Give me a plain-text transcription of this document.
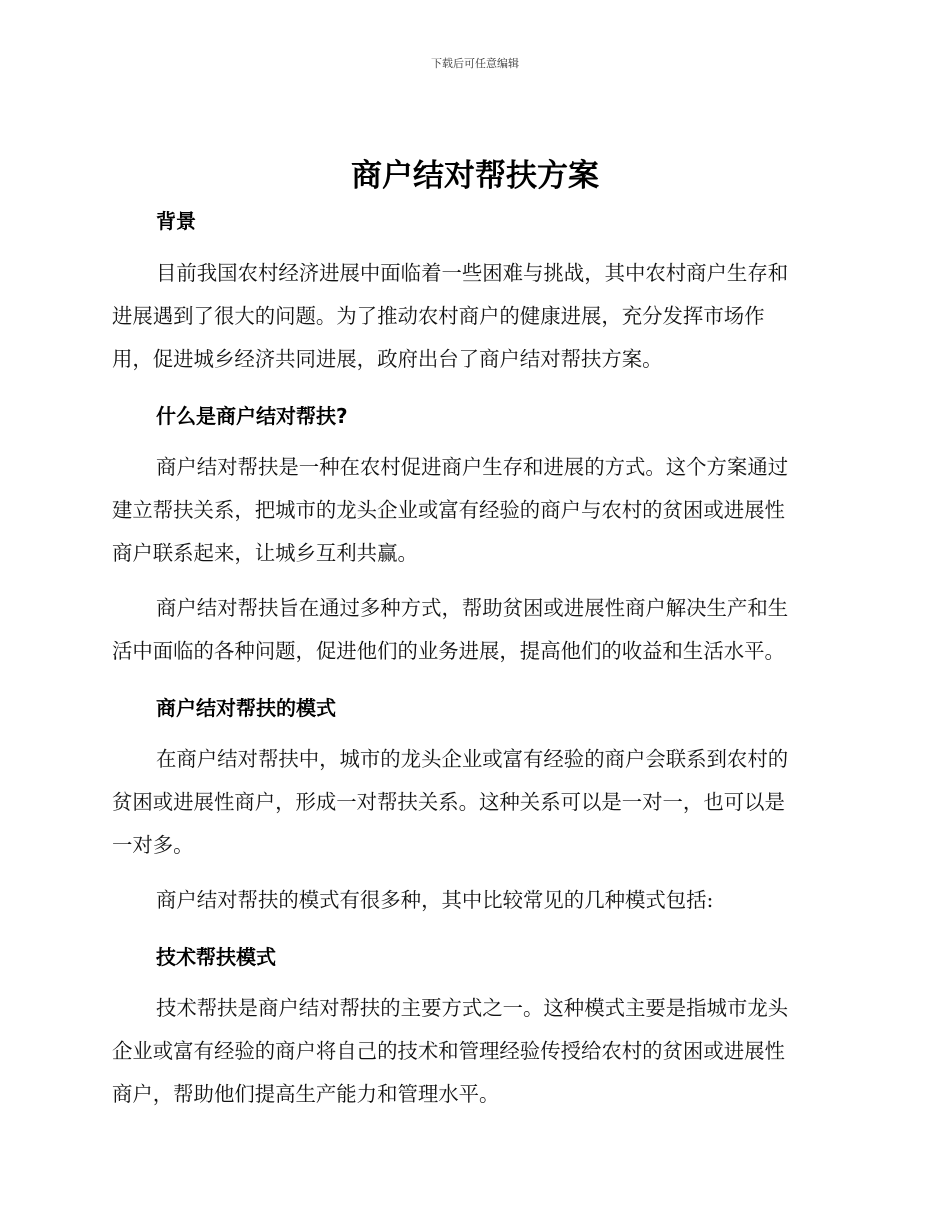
下载后可任意编辑
商户结对帮扶方案
背景

目前我国农村经济进展中面临着一些困难与挑战，其中农村商户生存和
进展遇到了很大的问题。为了推动农村商户的健康进展，充分发挥市场作
用，促进城乡经济共同进展，政府出台了商户结对帮扶方案。

什么是商户结对帮扶?

商户结对帮扶是一种在农村促进商户生存和进展的方式。这个方案通过
建立帮扶关系，把城市的龙头企业或富有经验的商户与农村的贫困或进展性
商户联系起来，让城乡互利共赢。

商户结对帮扶旨在通过多种方式，帮助贫困或进展性商户解决生产和生
活中面临的各种问题，促进他们的业务进展，提高他们的收益和生活水平。

商户结对帮扶的模式

在商户结对帮扶中，城市的龙头企业或富有经验的商户会联系到农村的
贫困或进展性商户，形成一对帮扶关系。这种关系可以是一对一，也可以是
一对多。

商户结对帮扶的模式有很多种，其中比较常见的几种模式包括:

技术帮扶模式

技术帮扶是商户结对帮扶的主要方式之一。这种模式主要是指城市龙头
企业或富有经验的商户将自己的技术和管理经验传授给农村的贫困或进展性
商户，帮助他们提高生产能力和管理水平。
